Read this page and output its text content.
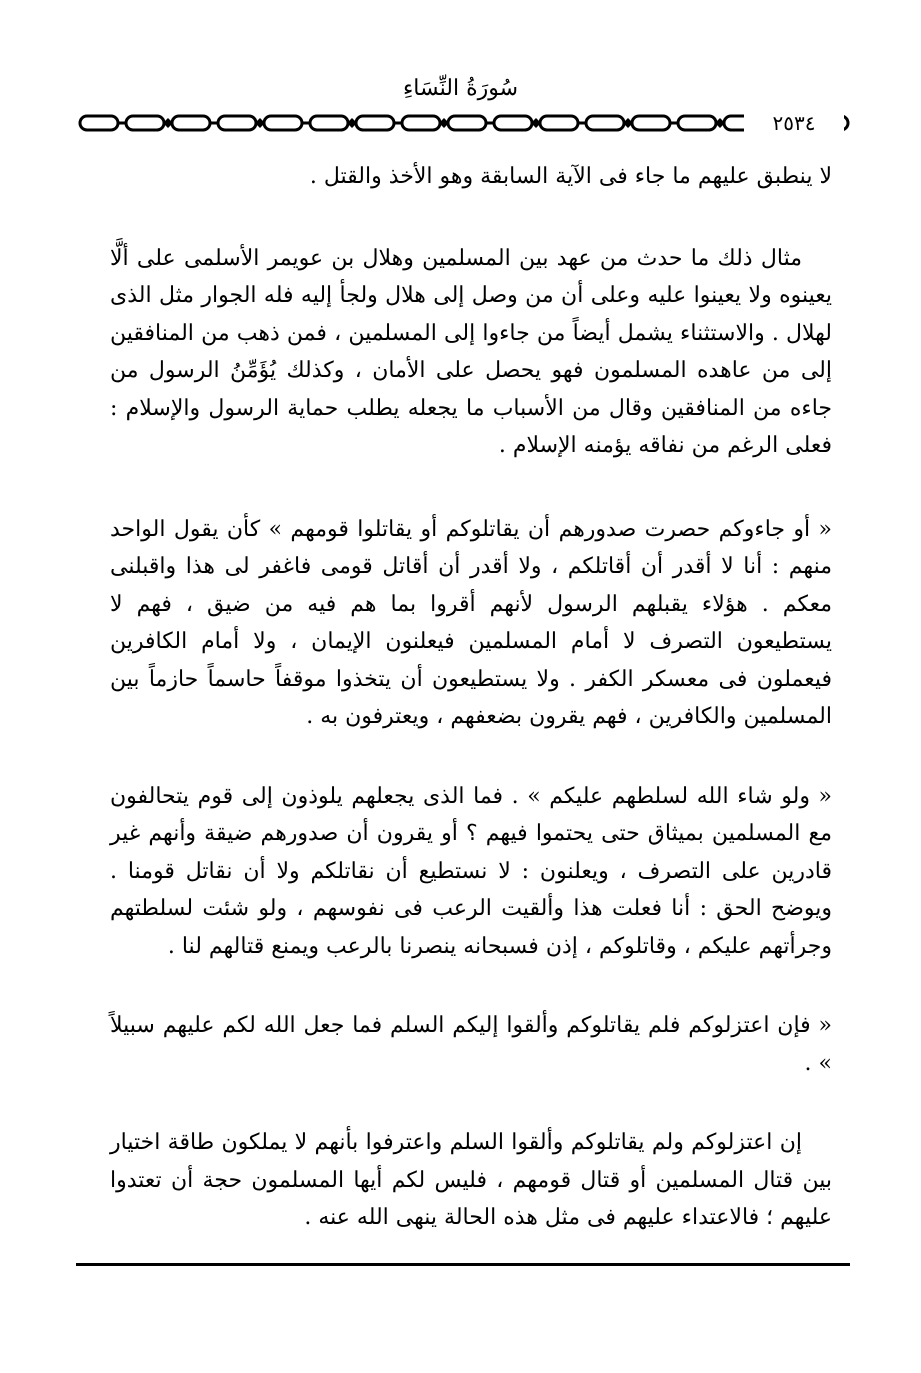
سُورَةُ النِّسَاءِ
٢٥٣٤

لا ينطبق عليهم ما جاء فى الآية السابقة وهو الأخذ والقتل .

مثال ذلك ما حدث من عهد بين المسلمين وهلال بن عويمر الأسلمى على ألَّا يعينوه ولا يعينوا عليه وعلى أن من وصل إلى هلال ولجأ إليه فله الجوار مثل الذى لهلال . والاستثناء يشمل أيضاً من جاءوا إلى المسلمين ، فمن ذهب من المنافقين إلى من عاهده المسلمون فهو يحصل على الأمان ، وكذلك يُؤَمِّنُ الرسول من جاءه من المنافقين وقال من الأسباب ما يجعله يطلب حماية الرسول والإسلام : فعلى الرغم من نفاقه يؤمنه الإسلام .

« أو جاءوكم حصرت صدورهم أن يقاتلوكم أو يقاتلوا قومهم » كأن يقول الواحد منهم : أنا لا أقدر أن أقاتلكم ، ولا أقدر أن أقاتل قومى فاغفر لى هذا واقبلنى معكم . هؤلاء يقبلهم الرسول لأنهم أقروا بما هم فيه من ضيق ، فهم لا يستطيعون التصرف لا أمام المسلمين فيعلنون الإيمان ، ولا أمام الكافرين فيعملون فى معسكر الكفر . ولا يستطيعون أن يتخذوا موقفاً حاسماً حازماً بين المسلمين والكافرين ، فهم يقرون بضعفهم ، ويعترفون به .

« ولو شاء الله لسلطهم عليكم » . فما الذى يجعلهم يلوذون إلى قوم يتحالفون مع المسلمين بميثاق حتى يحتموا فيهم ؟ أو يقرون أن صدورهم ضيقة وأنهم غير قادرين على التصرف ، ويعلنون : لا نستطيع أن نقاتلكم ولا أن نقاتل قومنا . ويوضح الحق : أنا فعلت هذا وألقيت الرعب فى نفوسهم ، ولو شئت لسلطتهم وجرأتهم عليكم ، وقاتلوكم ، إذن فسبحانه ينصرنا بالرعب ويمنع قتالهم لنا .

« فإن اعتزلوكم فلم يقاتلوكم وألقوا إليكم السلم فما جعل الله لكم عليهم سبيلاً » .

إن اعتزلوكم ولم يقاتلوكم وألقوا السلم واعترفوا بأنهم لا يملكون طاقة اختيار بين قتال المسلمين أو قتال قومهم ، فليس لكم أيها المسلمون حجة أن تعتدوا عليهم ؛ فالاعتداء عليهم فى مثل هذه الحالة ينهى الله عنه .
